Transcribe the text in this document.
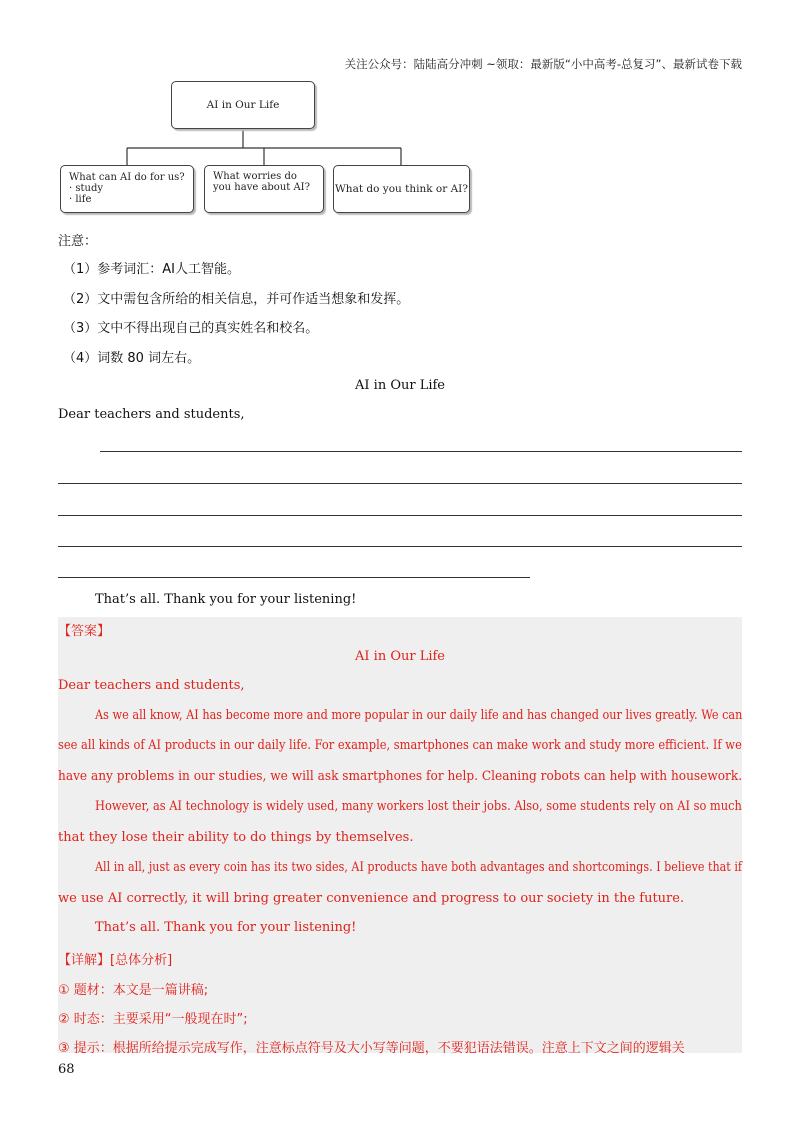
关注公众号：陆陆高分冲刺 ~领取：最新版“小中高考-总复习”、最新试卷下载
AI in Our Life
What can AI do for us?
· study
· life
What worries do
you have about AI?	What do you think or AI?
注意：
（1）参考词汇：AI人工智能。
（2）文中需包含所给的相关信息，并可作适当想象和发挥。
（3）文中不得出现自己的真实姓名和校名。
（4）词数 80 词左右。
AI in Our Life
Dear teachers and students,
That’s all. Thank you for your listening!
【答案】
AI in Our Life
Dear teachers and students,
As we all know, AI has become more and more popular in our daily life and has changed our lives greatly. We can
see all kinds of AI products in our daily life. For example, smartphones can make work and study more efficient. If we
have any problems in our studies, we will ask smartphones for help. Cleaning robots can help with housework.
However, as AI technology is widely used, many workers lost their jobs. Also, some students rely on AI so much
that they lose their ability to do things by themselves.
All in all, just as every coin has its two sides, AI products have both advantages and shortcomings. I believe that if
we use AI correctly, it will bring greater convenience and progress to our society in the future.
That’s all. Thank you for your listening!
【详解】[总体分析]
① 题材：本文是一篇讲稿;
② 时态：主要采用“一般现在时”;
③ 提示：根据所给提示完成写作，注意标点符号及大小写等问题，不要犯语法错误。注意上下文之间的逻辑关
68
